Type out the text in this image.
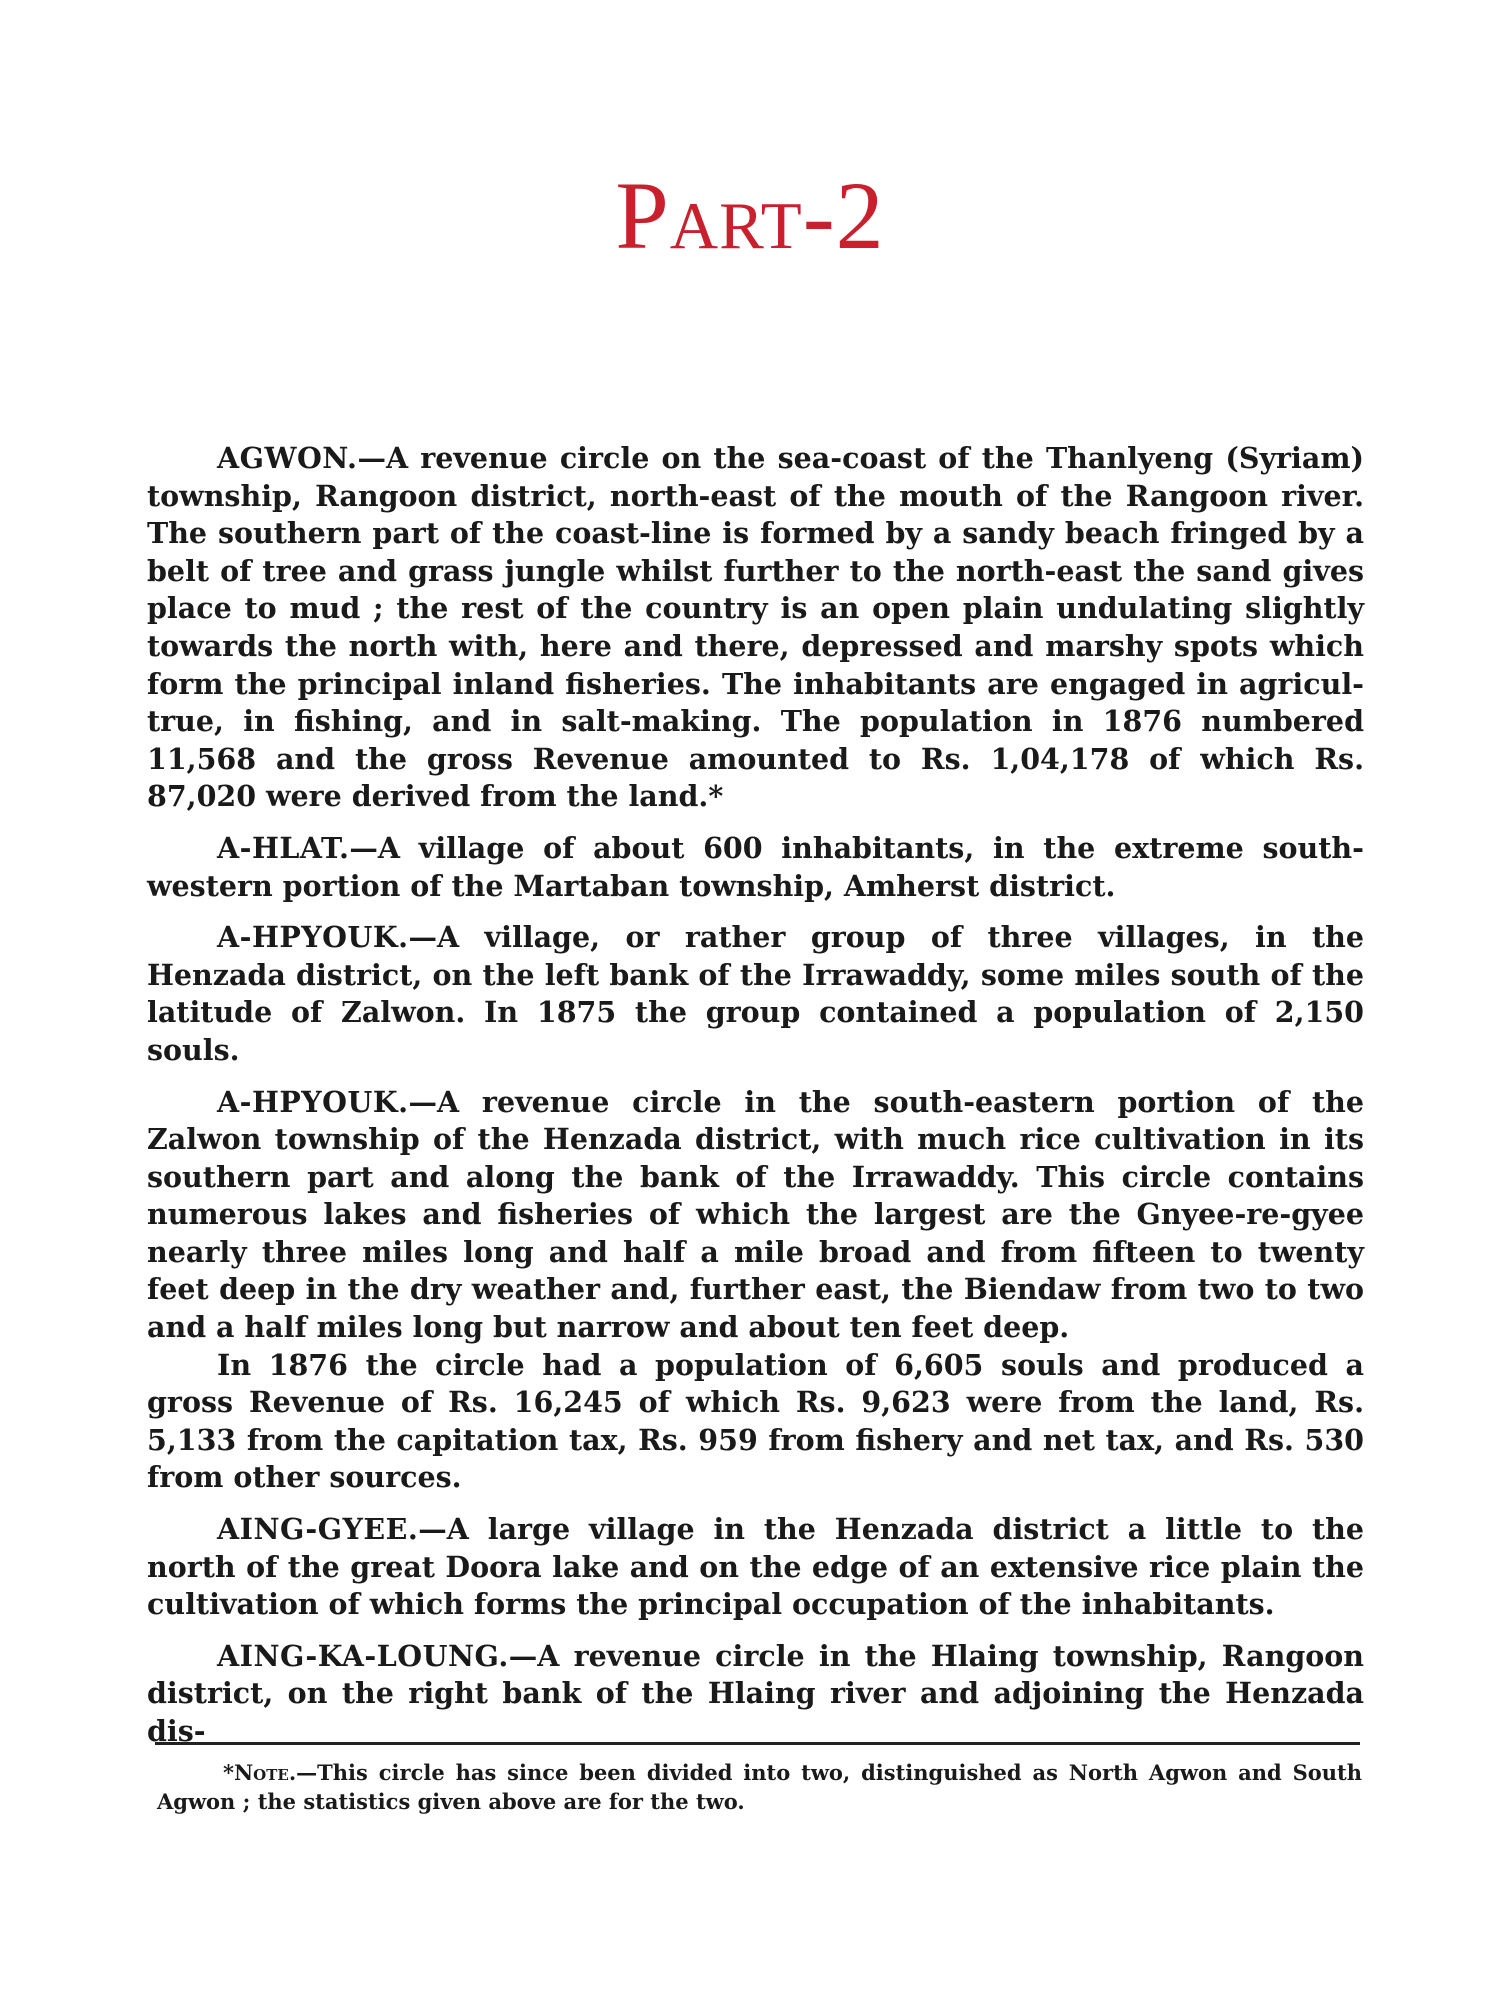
Part-2

AGWON.—A revenue circle on the sea-coast of the Thanlyeng (Syriam) township, Rangoon district, north-east of the mouth of the Rangoon river. The southern part of the coast-line is formed by a sandy beach fringed by a belt of tree and grass jungle whilst further to the north-east the sand gives place to mud ; the rest of the country is an open plain undulating slightly towards the north with, here and there, depressed and marshy spots which form the principal inland fisheries. The inhabitants are engaged in agricul-true, in fishing, and in salt-making. The population in 1876 numbered 11,568 and the gross Revenue amounted to Rs. 1,04,178 of which Rs. 87,020 were derived from the land.*

A-HLAT.—A village of about 600 inhabitants, in the extreme south-western portion of the Martaban township, Amherst district.

A-HPYOUK.—A village, or rather group of three villages, in the Henzada district, on the left bank of the Irrawaddy, some miles south of the latitude of Zalwon. In 1875 the group contained a population of 2,150 souls.

A-HPYOUK.—A revenue circle in the south-eastern portion of the Zalwon township of the Henzada district, with much rice cultivation in its southern part and along the bank of the Irrawaddy. This circle contains numerous lakes and fisheries of which the largest are the Gnyee-re-gyee nearly three miles long and half a mile broad and from fifteen to twenty feet deep in the dry weather and, further east, the Biendaw from two to two and a half miles long but narrow and about ten feet deep.

In 1876 the circle had a population of 6,605 souls and produced a gross Revenue of Rs. 16,245 of which Rs. 9,623 were from the land, Rs. 5,133 from the capitation tax, Rs. 959 from fishery and net tax, and Rs. 530 from other sources.

AING-GYEE.—A large village in the Henzada district a little to the north of the great Doora lake and on the edge of an extensive rice plain the cultivation of which forms the principal occupation of the inhabitants.

AING-KA-LOUNG.—A revenue circle in the Hlaing township, Rangoon district, on the right bank of the Hlaing river and adjoining the Henzada dis-

*Note.—This circle has since been divided into two, distinguished as North Agwon and South Agwon ; the statistics given above are for the two.
